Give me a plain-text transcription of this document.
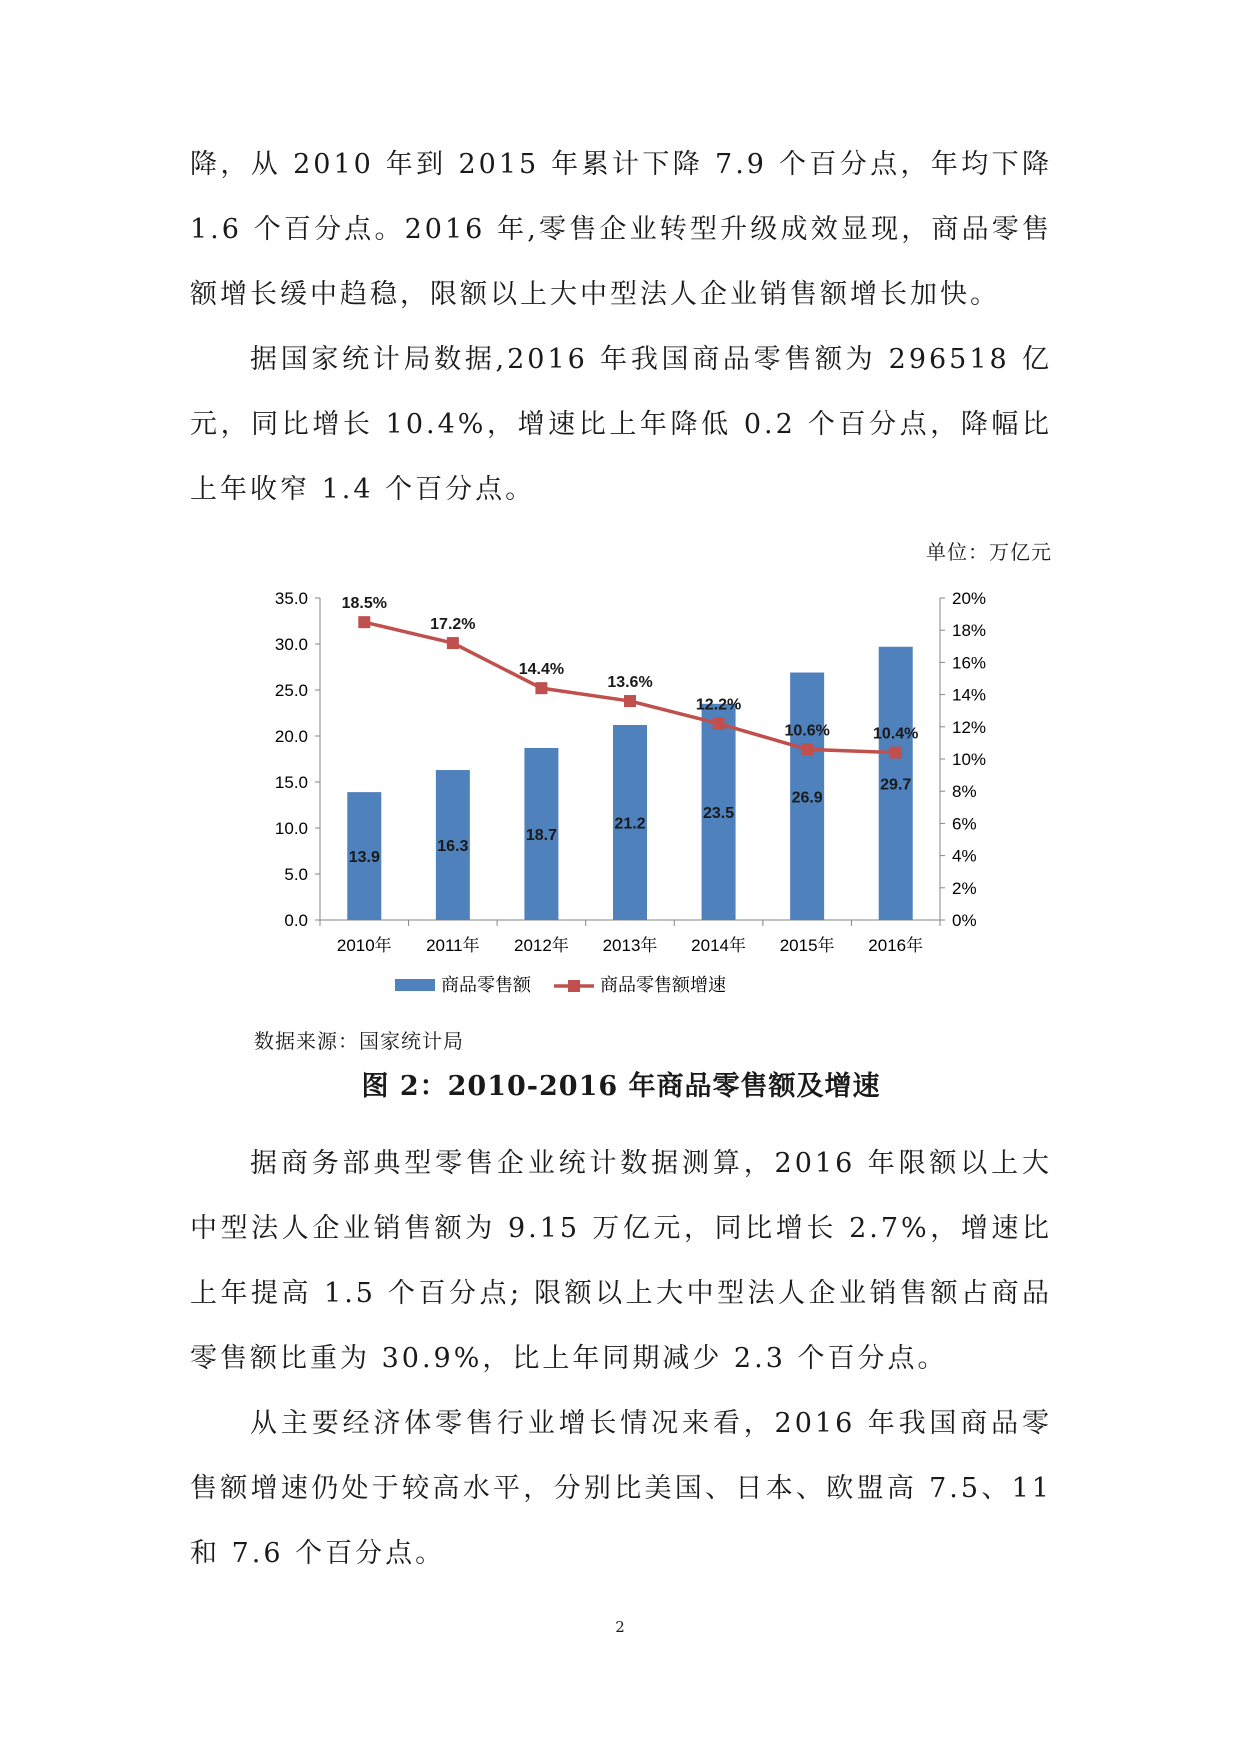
降，从 2010 年到 2015 年累计下降 7.9 个百分点，年均下降 1.6 个百分点。2016 年,零售企业转型升级成效显现，商品零售额增长缓中趋稳，限额以上大中型法人企业销售额增长加快。

据国家统计局数据,2016 年我国商品零售额为 296518 亿元，同比增长 10.4%，增速比上年降低 0.2 个百分点，降幅比上年收窄 1.4 个百分点。

单位：万亿元
0.0
5.0
10.0
15.0
20.0
25.0
30.0
35.0
0%
2%
4%
6%
8%
10%
12%
14%
16%
18%
20%
2010年 2011年 2012年 2013年 2014年 2015年 2016年
13.9
16.3
18.7
21.2
23.5
26.9
29.7
18.5%
17.2%
14.4%
13.6%
12.2%
10.6%	10.4%
商品零售额	商品零售额增速
数据来源：国家统计局
图 2：2010-2016 年商品零售额及增速

据商务部典型零售企业统计数据测算，2016 年限额以上大中型法人企业销售额为 9.15 万亿元，同比增长 2.7%，增速比上年提高 1.5 个百分点; 限额以上大中型法人企业销售额占商品零售额比重为 30.9%，比上年同期减少 2.3 个百分点。

从主要经济体零售行业增长情况来看，2016 年我国商品零售额增速仍处于较高水平，分别比美国、日本、欧盟高 7.5、11 和 7.6 个百分点。

2
